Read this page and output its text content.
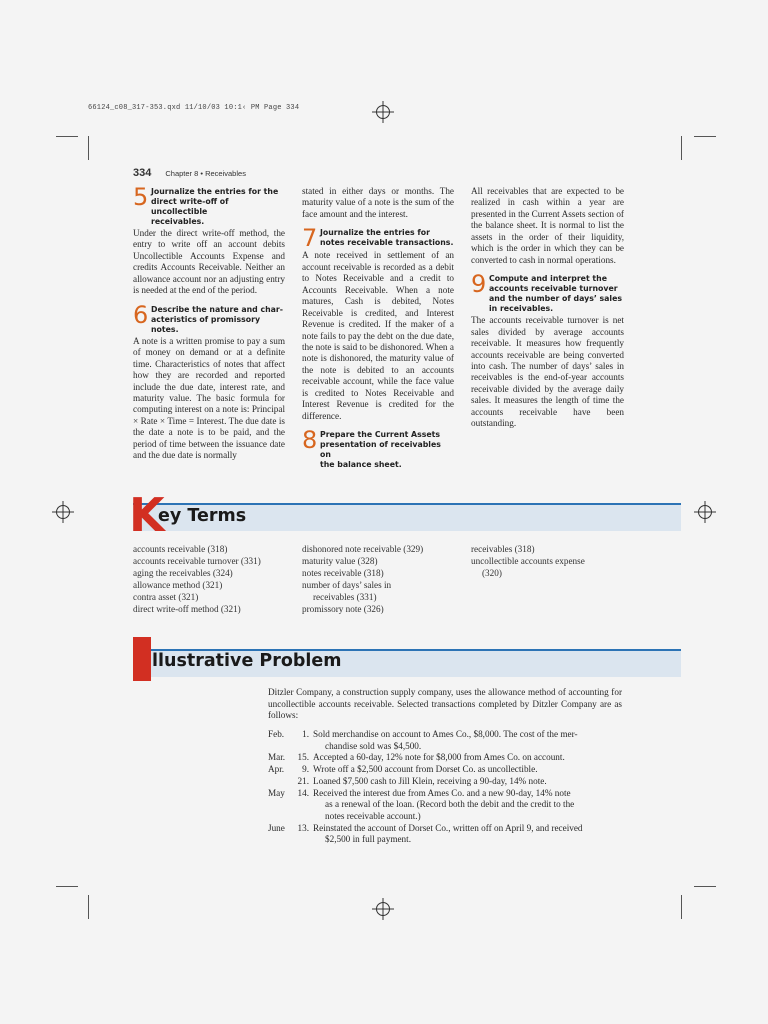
66124_c08_317-353.qxd 11/10/03 10:1‹ PM Page 334
334 Chapter 8 • Receivables
5 Journalize the entries for the
direct write-off of uncollectible
receivables.

Under the direct write-off method, the entry to write off an account debits Uncollectible Accounts Expense and credits Accounts Receivable. Neither an allowance account nor an adjusting entry is needed at the end of the period.

6 Describe the nature and char-
acteristics of promissory notes.

A note is a written promise to pay a sum of money on demand or at a definite time. Characteristics of notes that affect how they are recorded and reported include the due date, interest rate, and maturity value. The basic formula for computing interest on a note is: Principal × Rate × Time = Interest. The due date is the date a note is to be paid, and the period of time between the issuance date and the due date is normally

stated in either days or months. The maturity value of a note is the sum of the face amount and the interest.

7 Journalize the entries for
notes receivable transactions.

A note received in settlement of an account receivable is recorded as a debit to Notes Receivable and a credit to Accounts Receivable. When a note matures, Cash is debited, Notes Receivable is credited, and Interest Revenue is credited. If the maker of a note fails to pay the debt on the due date, the note is said to be dishonored. When a note is dishonored, the maturity value of the note is debited to an accounts receivable account, while the face value is credited to Notes Receivable and Interest Revenue is credited for the difference.

8 Prepare the Current Assets
presentation of receivables on
the balance sheet.

All receivables that are expected to be realized in cash within a year are presented in the Current Assets section of the balance sheet. It is normal to list the assets in the order of their liquidity, which is the order in which they can be converted to cash in normal operations.

9 Compute and interpret the
accounts receivable turnover
and the number of days’ sales
in receivables.

The accounts receivable turnover is net sales divided by average accounts receivable. It measures how frequently accounts receivable are being converted into cash. The number of days’ sales in receivables is the end-of-year accounts receivable divided by the average daily sales. It measures the length of time the accounts receivable have been outstanding.

K
ey Terms
accounts receivable (318)
accounts receivable turnover (331)
aging the receivables (324)
allowance method (321)
contra asset (321)
direct write-off method (321)
dishonored note receivable (329)
maturity value (328)
notes receivable (318)
number of days’ sales in
receivables (331)
promissory note (326)
receivables (318)
uncollectible accounts expense
(320)
llustrative Problem

Ditzler Company, a construction supply company, uses the allowance method of accounting for uncollectible accounts receivable. Selected transactions completed by Ditzler Company are as follows:

Feb.	1. Sold merchandise on account to Ames Co., $8,000. The cost of the mer-
chandise sold was $4,500.
Mar.	15. Accepted a 60-day, 12% note for $8,000 from Ames Co. on account.
Apr.	9. Wrote off a $2,500 account from Dorset Co. as uncollectible.
21. Loaned $7,500 cash to Jill Klein, receiving a 90-day, 14% note.
May	14. Received the interest due from Ames Co. and a new 90-day, 14% note
as a renewal of the loan. (Record both the debit and the credit to the
notes receivable account.)
June	13. Reinstated the account of Dorset Co., written off on April 9, and received
$2,500 in full payment.
